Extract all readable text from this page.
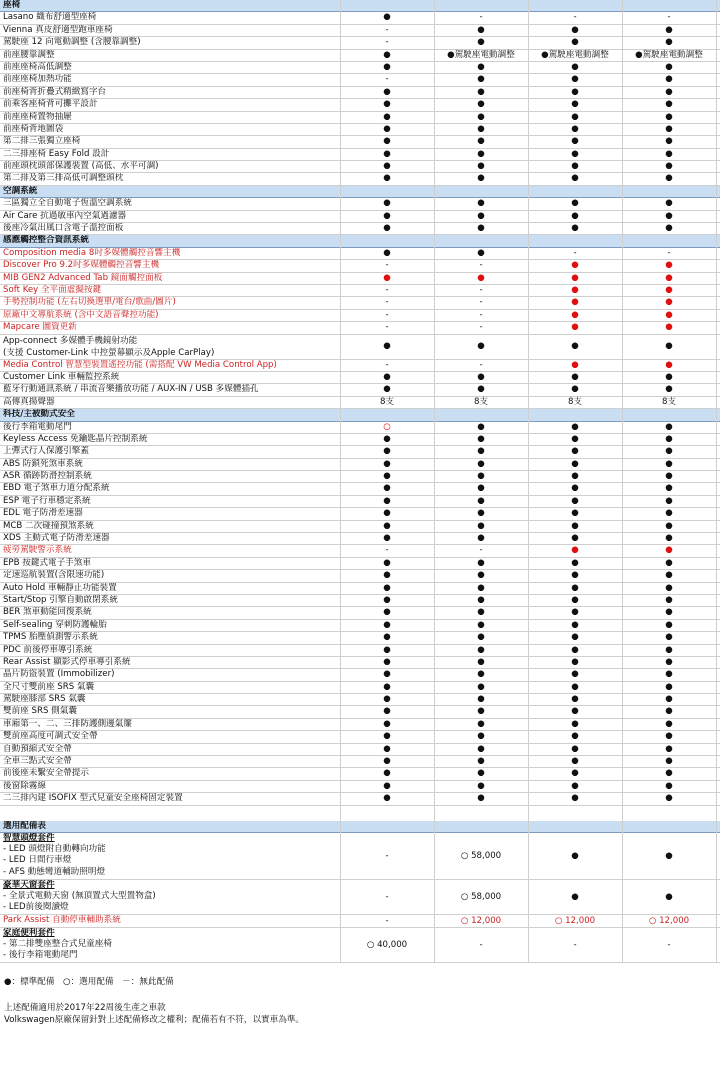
座椅
Lasano 織布舒適型座椅	●	-	-	-
Vienna 真皮舒適型跑車座椅	-	●	●	●
駕駛座 12 向電動調整 (含腰靠調整)	-	●	●	●
前座腰靠調整	●	●駕駛座電動調整	●駕駛座電動調整	●駕駛座電動調整
前座座椅高低調整	●	●	●	●
前座座椅加熱功能	-	●	●	●
前座椅背折疊式精緻寫字台	●	●	●	●
前乘客座椅背可攤平設計	●	●	●	●
前座座椅置物抽屜	●	●	●	●
前座椅背地圖袋	●	●	●	●
第二排三張獨立座椅	●	●	●	●
二三排座椅 Easy Fold 設計	●	●	●	●
前座頭枕頭部保護裝置 (高低、水平可調)	●	●	●	●
第二排及第三排高低可調整頭枕	●	●	●	●
空調系統
三區獨立全自動電子恆溫空調系統	●	●	●	●
Air Care 抗過敏車內空氣過濾器	●	●	●	●
後座冷氣出風口含電子溫控面板	●	●	●	●
感應觸控整合資訊系統
Composition media 8吋多媒體觸控音響主機	●	●	-	-
Discover Pro 9.2吋多媒體觸控音響主機	-	-	●	●
MIB GEN2 Advanced Tab 鏡面觸控面板	●	●	●	●
Soft Key 全平面虛擬按鍵	-	-	●	●
手勢控制功能 (左右切換選單/電台/歌曲/圖片)	-	-	●	●
原廠中文導航系統 (含中文語音聲控功能)	-	-	●	●
Mapcare 圖資更新	-	-	●	●
App-connect 多媒體手機鏡射功能
(支援 Customer-Link 中控螢幕顯示及Apple CarPlay)
●	●	●	●
Media Control 智慧型裝置遙控功能 (需搭配 VW Media Control App)	-	-	●	●
Customer Link 車輛監控系統	●	●	●	●
藍牙行動通訊系統 / 串流音樂播放功能 / AUX-IN / USB 多媒體插孔	●	●	●	●
高傳真揚聲器	8支	8支	8支	8支
科技/主被動式安全
後行李箱電動尾門	○	●	●	●
Keyless Access 免鑰匙晶片控制系統	●	●	●	●
上彈式行人保護引擎蓋	●	●	●	●
ABS 防鎖死煞車系統	●	●	●	●
ASR 循跡防滑控制系統	●	●	●	●
EBD 電子煞車力道分配系統	●	●	●	●
ESP 電子行車穩定系統	●	●	●	●
EDL 電子防滑差速器	●	●	●	●
MCB 二次碰撞預煞系統	●	●	●	●
XDS 主動式電子防滑差速器	●	●	●	●
疲勞駕駛警示系統	-	-	●	●
EPB 按鍵式電子手煞車	●	●	●	●
定速巡航裝置(含限速功能)	●	●	●	●
Auto Hold 車輛靜止功能裝置	●	●	●	●
Start/Stop 引擎自動啟閉系統	●	●	●	●
BER 煞車動能回復系統	●	●	●	●
Self-sealing 穿刺防護輪胎	●	●	●	●
TPMS 胎壓偵測警示系統	●	●	●	●
PDC 前後停車導引系統	●	●	●	●
Rear Assist 顯影式停車導引系統	●	●	●	●
晶片防盜裝置 (Immobilizer)	●	●	●	●
全尺寸雙前座 SRS 氣囊	●	●	●	●
駕駛座膝部 SRS 氣囊	●	●	●	●
雙前座 SRS 側氣囊	●	●	●	●
車廂第一、二、三排防護側邊氣簾	●	●	●	●
雙前座高度可調式安全帶	●	●	●	●
自動預縮式安全帶	●	●	●	●
全車三點式安全帶	●	●	●	●
前後座未繫安全帶提示	●	●	●	●
後窗除霧線	●	●	●	●
二三排內建 ISOFIX 型式兒童安全座椅固定裝置	●	●	●	●
選用配備表
智慧頭燈套件
- LED 頭燈附自動轉向功能
- LED 日間行車燈
- AFS 動態彎道輔助照明燈
-	○ 58,000	●	●
豪華天窗套件
- 全景式電動天窗 (無頂置式大型置物盒)
- LED前後閱讀燈
-	○ 58,000	●	●
Park Assist 自動停車輔助系統	-	○ 12,000	○ 12,000	○ 12,000
家庭便利套件
- 第二排雙座整合式兒童座椅
- 後行李箱電動尾門
○ 40,000	-	-	-
●：標準配備　○：選用配備　－：無此配備
上述配備適用於2017年22周後生產之車款
Volkswagen原廠保留針對上述配備修改之權利；配備若有不符，以實車為準。
